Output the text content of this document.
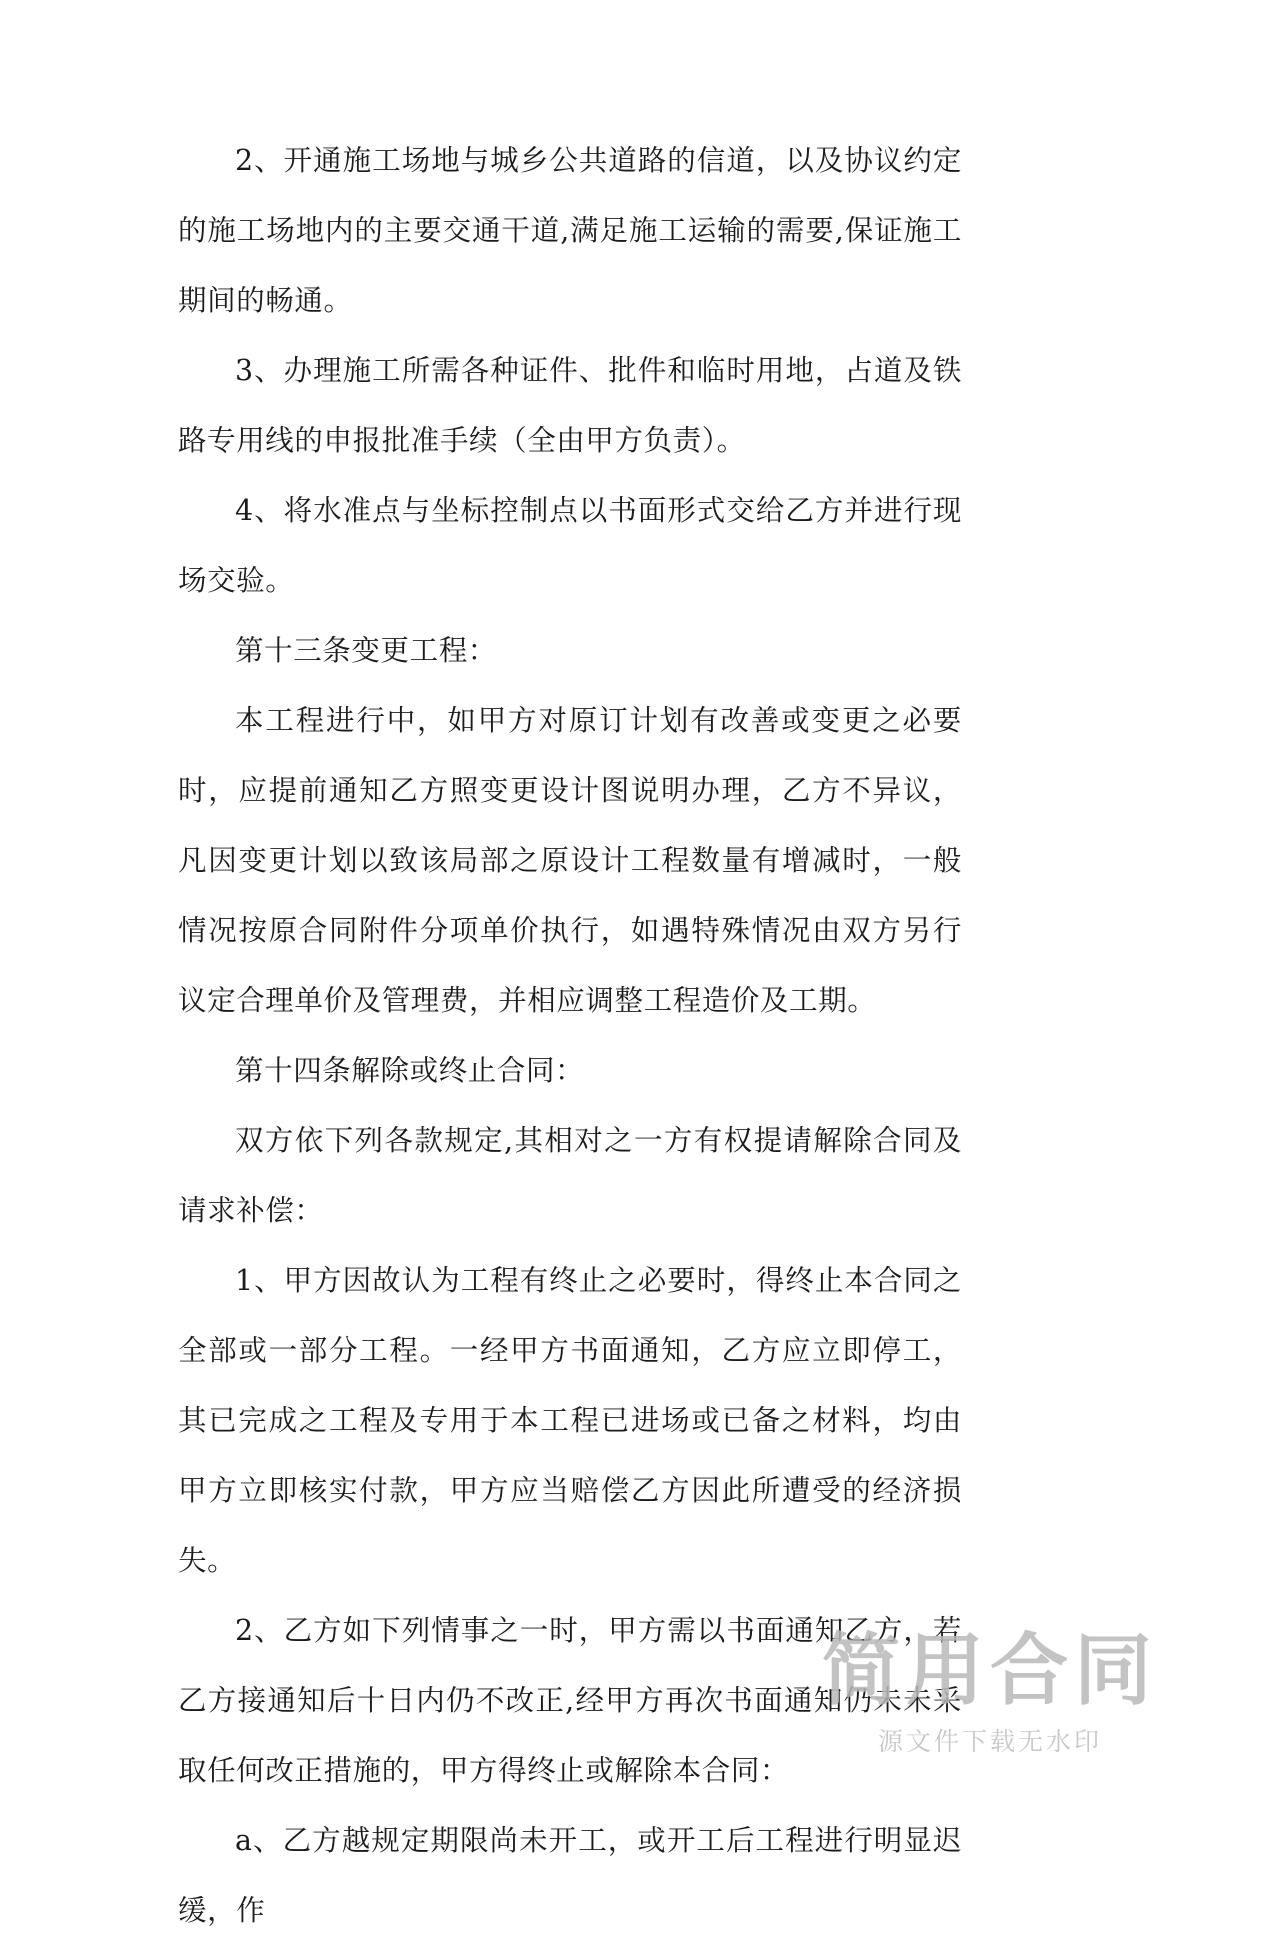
2、开通施工场地与城乡公共道路的信道，以及协议约定的施工场地内的主要交通干道,满足施工运输的需要,保证施工期间的畅通。

3、办理施工所需各种证件、批件和临时用地，占道及铁路专用线的申报批准手续（全由甲方负责）。

4、将水准点与坐标控制点以书面形式交给乙方并进行现场交验。

第十三条变更工程：

本工程进行中，如甲方对原订计划有改善或变更之必要时，应提前通知乙方照变更设计图说明办理，乙方不异议，凡因变更计划以致该局部之原设计工程数量有增减时，一般情况按原合同附件分项单价执行，如遇特殊情况由双方另行议定合理单价及管理费，并相应调整工程造价及工期。

第十四条解除或终止合同：

双方依下列各款规定,其相对之一方有权提请解除合同及请求补偿：

1、甲方因故认为工程有终止之必要时，得终止本合同之全部或一部分工程。一经甲方书面通知，乙方应立即停工，其已完成之工程及专用于本工程已进场或已备之材料，均由甲方立即核实付款，甲方应当赔偿乙方因此所遭受的经济损失。

2、乙方如下列情事之一时，甲方需以书面通知乙方，若乙方接通知后十日内仍不改正,经甲方再次书面通知仍未未采取任何改正措施的，甲方得终止或解除本合同：

a、乙方越规定期限尚未开工，或开工后工程进行明显迟缓，作

简用合同
源文件下载无水印
